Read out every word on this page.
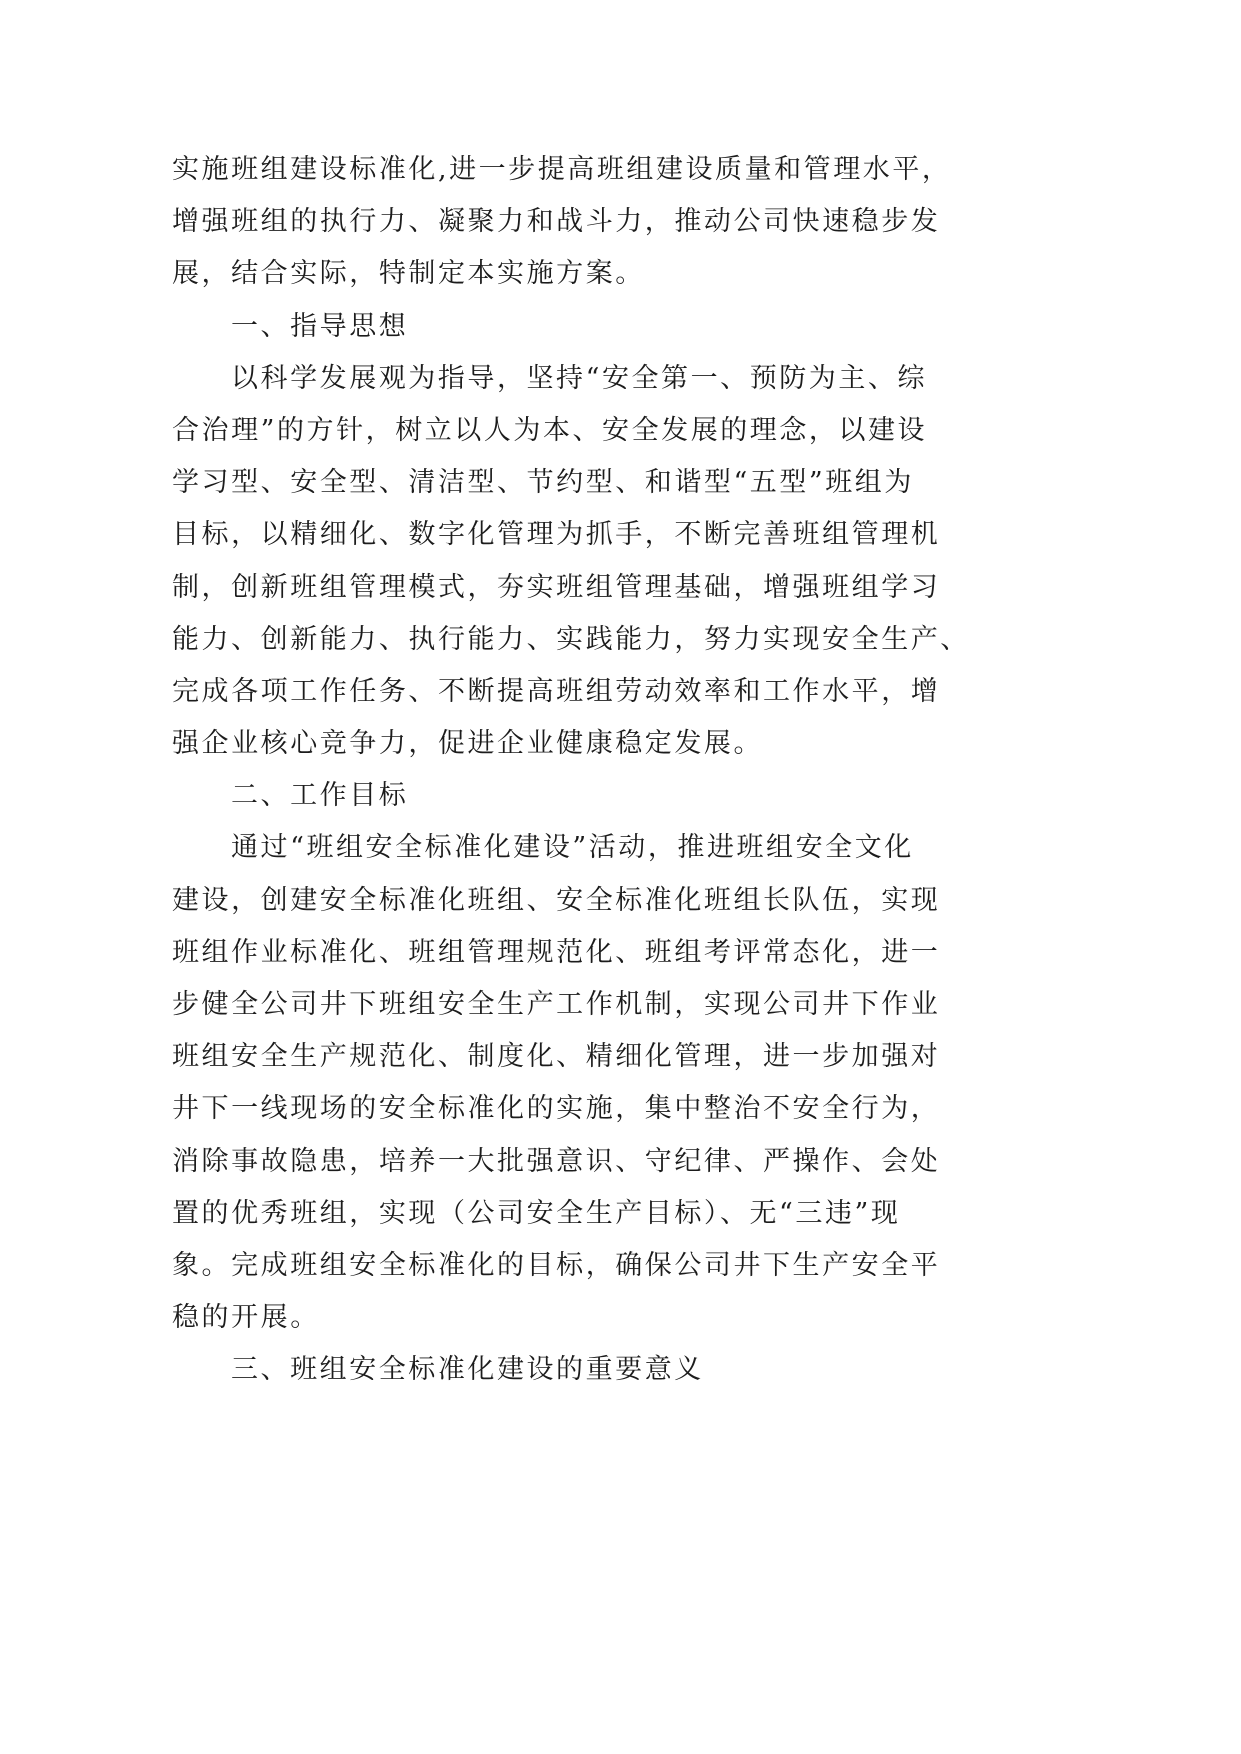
实施班组建设标准化,进一步提高班组建设质量和管理水平，
增强班组的执行力、凝聚力和战斗力，推动公司快速稳步发
展，结合实际，特制定本实施方案。
一、指导思想
以科学发展观为指导，坚持“安全第一、预防为主、综
合治理”的方针，树立以人为本、安全发展的理念，以建设
学习型、安全型、清洁型、节约型、和谐型“五型”班组为
目标，以精细化、数字化管理为抓手，不断完善班组管理机
制，创新班组管理模式，夯实班组管理基础，增强班组学习
能力、创新能力、执行能力、实践能力，努力实现安全生产、
完成各项工作任务、不断提高班组劳动效率和工作水平，增
强企业核心竞争力，促进企业健康稳定发展。
二、工作目标
通过“班组安全标准化建设”活动，推进班组安全文化
建设，创建安全标准化班组、安全标准化班组长队伍，实现
班组作业标准化、班组管理规范化、班组考评常态化，进一
步健全公司井下班组安全生产工作机制，实现公司井下作业
班组安全生产规范化、制度化、精细化管理，进一步加强对
井下一线现场的安全标准化的实施，集中整治不安全行为，
消除事故隐患，培养一大批强意识、守纪律、严操作、会处
置的优秀班组，实现（公司安全生产目标）、无“三违”现
象。完成班组安全标准化的目标，确保公司井下生产安全平
稳的开展。
三、班组安全标准化建设的重要意义
